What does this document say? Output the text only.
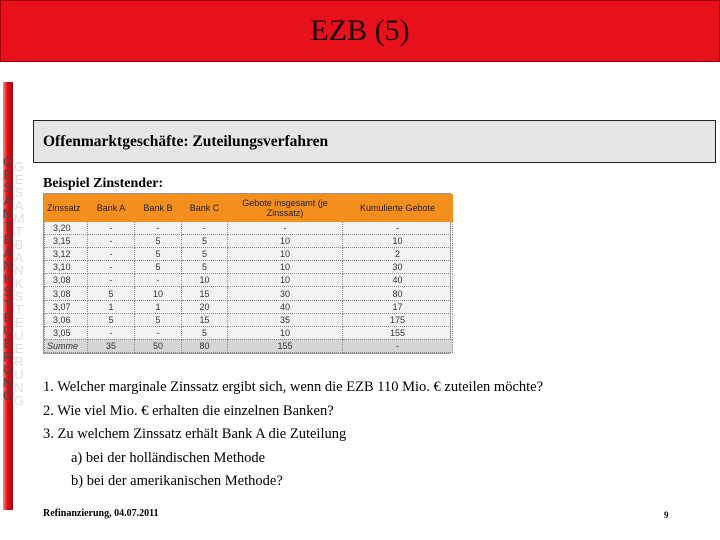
EZB (5)
GESAMTBANKSTEUERUNG
GESAMTBANKSTEUERUNG
Offenmarktgeschäfte: Zuteilungsverfahren
Beispiel Zinstender:
Zinssatz	Bank A	Bank B	Bank C	Gebote insgesamt (je Zinssatz)	Kumulierte Gebote
3,20	-	-	-	-	-
3,15	-	5	5	10	10
3,12	-	5	5	10	2
3,10	-	5	5	10	30
3,08	-	-	10	10	40
3,08	5	10	15	30	80
3,07	1	1	20	40	17
3,06	5	5	15	35	175
3,05	-	-	5	10	155
Summe	35	50	80	155	-
1. Welcher marginale Zinssatz ergibt sich, wenn die EZB 110 Mio. € zuteilen möchte?
2. Wie viel Mio. € erhalten die einzelnen Banken?
3. Zu welchem Zinssatz erhält Bank A die Zuteilung
a) bei der holländischen Methode
b) bei der amerikanischen Methode?
Refinanzierung, 04.07.2011	9
